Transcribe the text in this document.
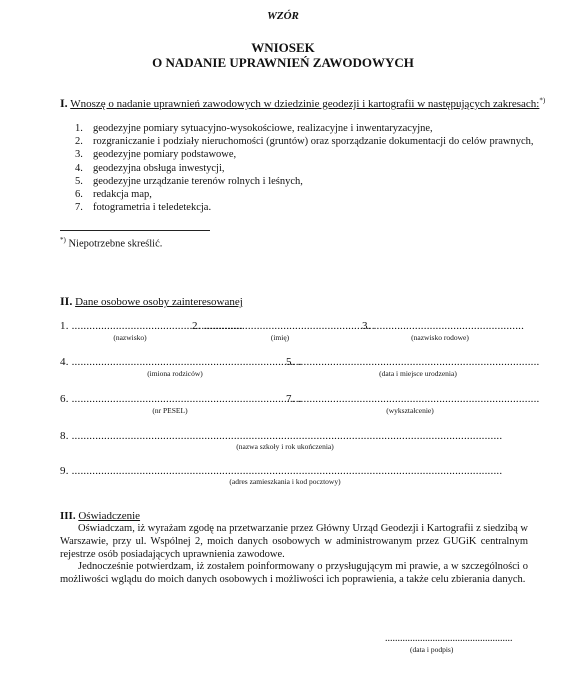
WZÓR
WNIOSEK
O NADANIE UPRAWNIEŃ ZAWODOWYCH
I. Wnoszę o nadanie uprawnień zawodowych w dziedzinie geodezji i kartografii w następujących zakresach:*)
1. geodezyjne pomiary sytuacyjno-wysokościowe, realizacyjne i inwentaryzacyjne,
2. rozgraniczanie i podziały nieruchomości (gruntów) oraz sporządzanie dokumentacji do celów prawnych,
3. geodezyjne pomiary podstawowe,
4. geodezyjna obsługa inwestycji,
5. geodezyjne urządzanie terenów rolnych i leśnych,
6. redakcja map,
7. fotogrametria i teledetekcja.
*) Niepotrzebne skreślić.
II. Dane osobowe osoby zainteresowanej
1. ..........................................................
(nazwisko)
2. ..........................................................
(imię)
3. ...................................................
(nazwisko rodowe)
4. ..............................................................................
(imiona rodziców)
5. ..................................................................................
(data i miejsce urodzenia)
6. ..............................................................................
(nr PESEL)
7. ..................................................................................
(wykształcenie)
8. ..................................................................................................................................................
(nazwa szkoły i rok ukończenia)
9. ..................................................................................................................................................
(adres zamieszkania i kod pocztowy)
III. Oświadczenie
Oświadczam, iż wyrażam zgodę na przetwarzanie przez Główny Urząd Geodezji i Kartografii z siedzibą w Warszawie, przy ul. Wspólnej 2, moich danych osobowych w administrowanym przez GUGiK centralnym rejestrze osób posiadających uprawnienia zawodowe.
Jednocześnie potwierdzam, iż zostałem poinformowany o przysługującym mi prawie, a w szczególności o możliwości wglądu do moich danych osobowych i możliwości ich poprawienia, a także celu zbierania danych.
...................................................
(data i podpis)
